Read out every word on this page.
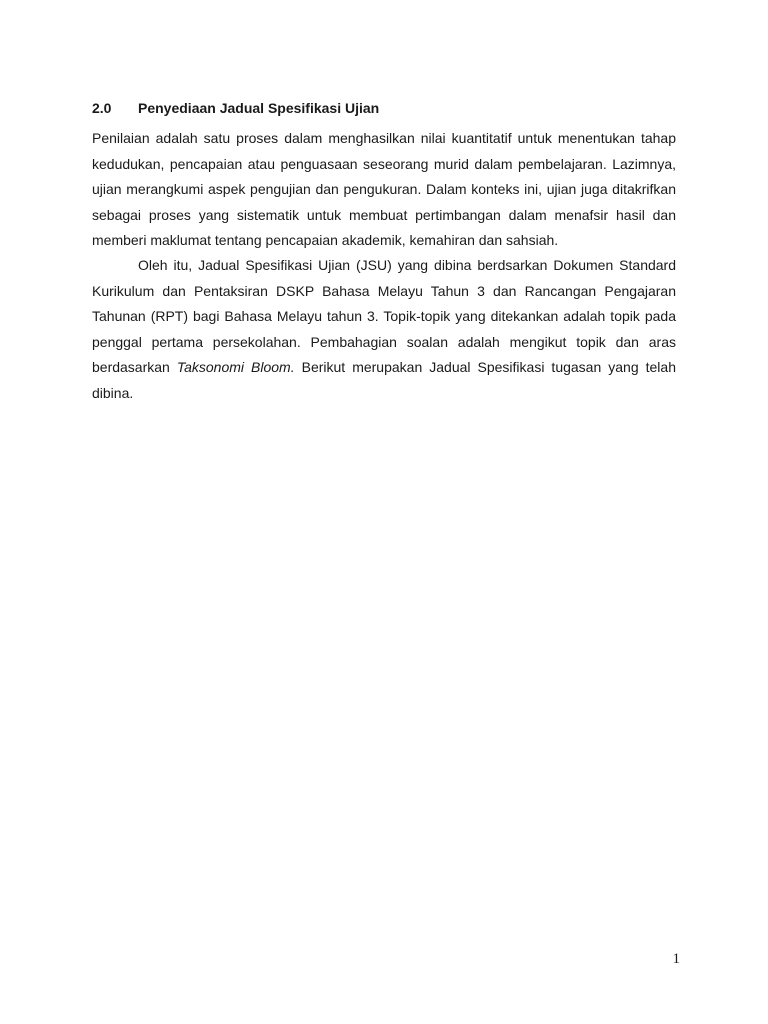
2.0 Penyediaan Jadual Spesifikasi Ujian

Penilaian adalah satu proses dalam menghasilkan nilai kuantitatif untuk menentukan tahap kedudukan, pencapaian atau penguasaan seseorang murid dalam pembelajaran. Lazimnya, ujian merangkumi aspek pengujian dan pengukuran. Dalam konteks ini, ujian juga ditakrifkan sebagai proses yang sistematik untuk membuat pertimbangan dalam menafsir hasil dan memberi maklumat tentang pencapaian akademik, kemahiran dan sahsiah.

Oleh itu, Jadual Spesifikasi Ujian (JSU) yang dibina berdsarkan Dokumen Standard Kurikulum dan Pentaksiran DSKP Bahasa Melayu Tahun 3 dan Rancangan Pengajaran Tahunan (RPT) bagi Bahasa Melayu tahun 3. Topik-topik yang ditekankan adalah topik pada penggal pertama persekolahan. Pembahagian soalan adalah mengikut topik dan aras berdasarkan Taksonomi Bloom. Berikut merupakan Jadual Spesifikasi tugasan yang telah dibina.

1
